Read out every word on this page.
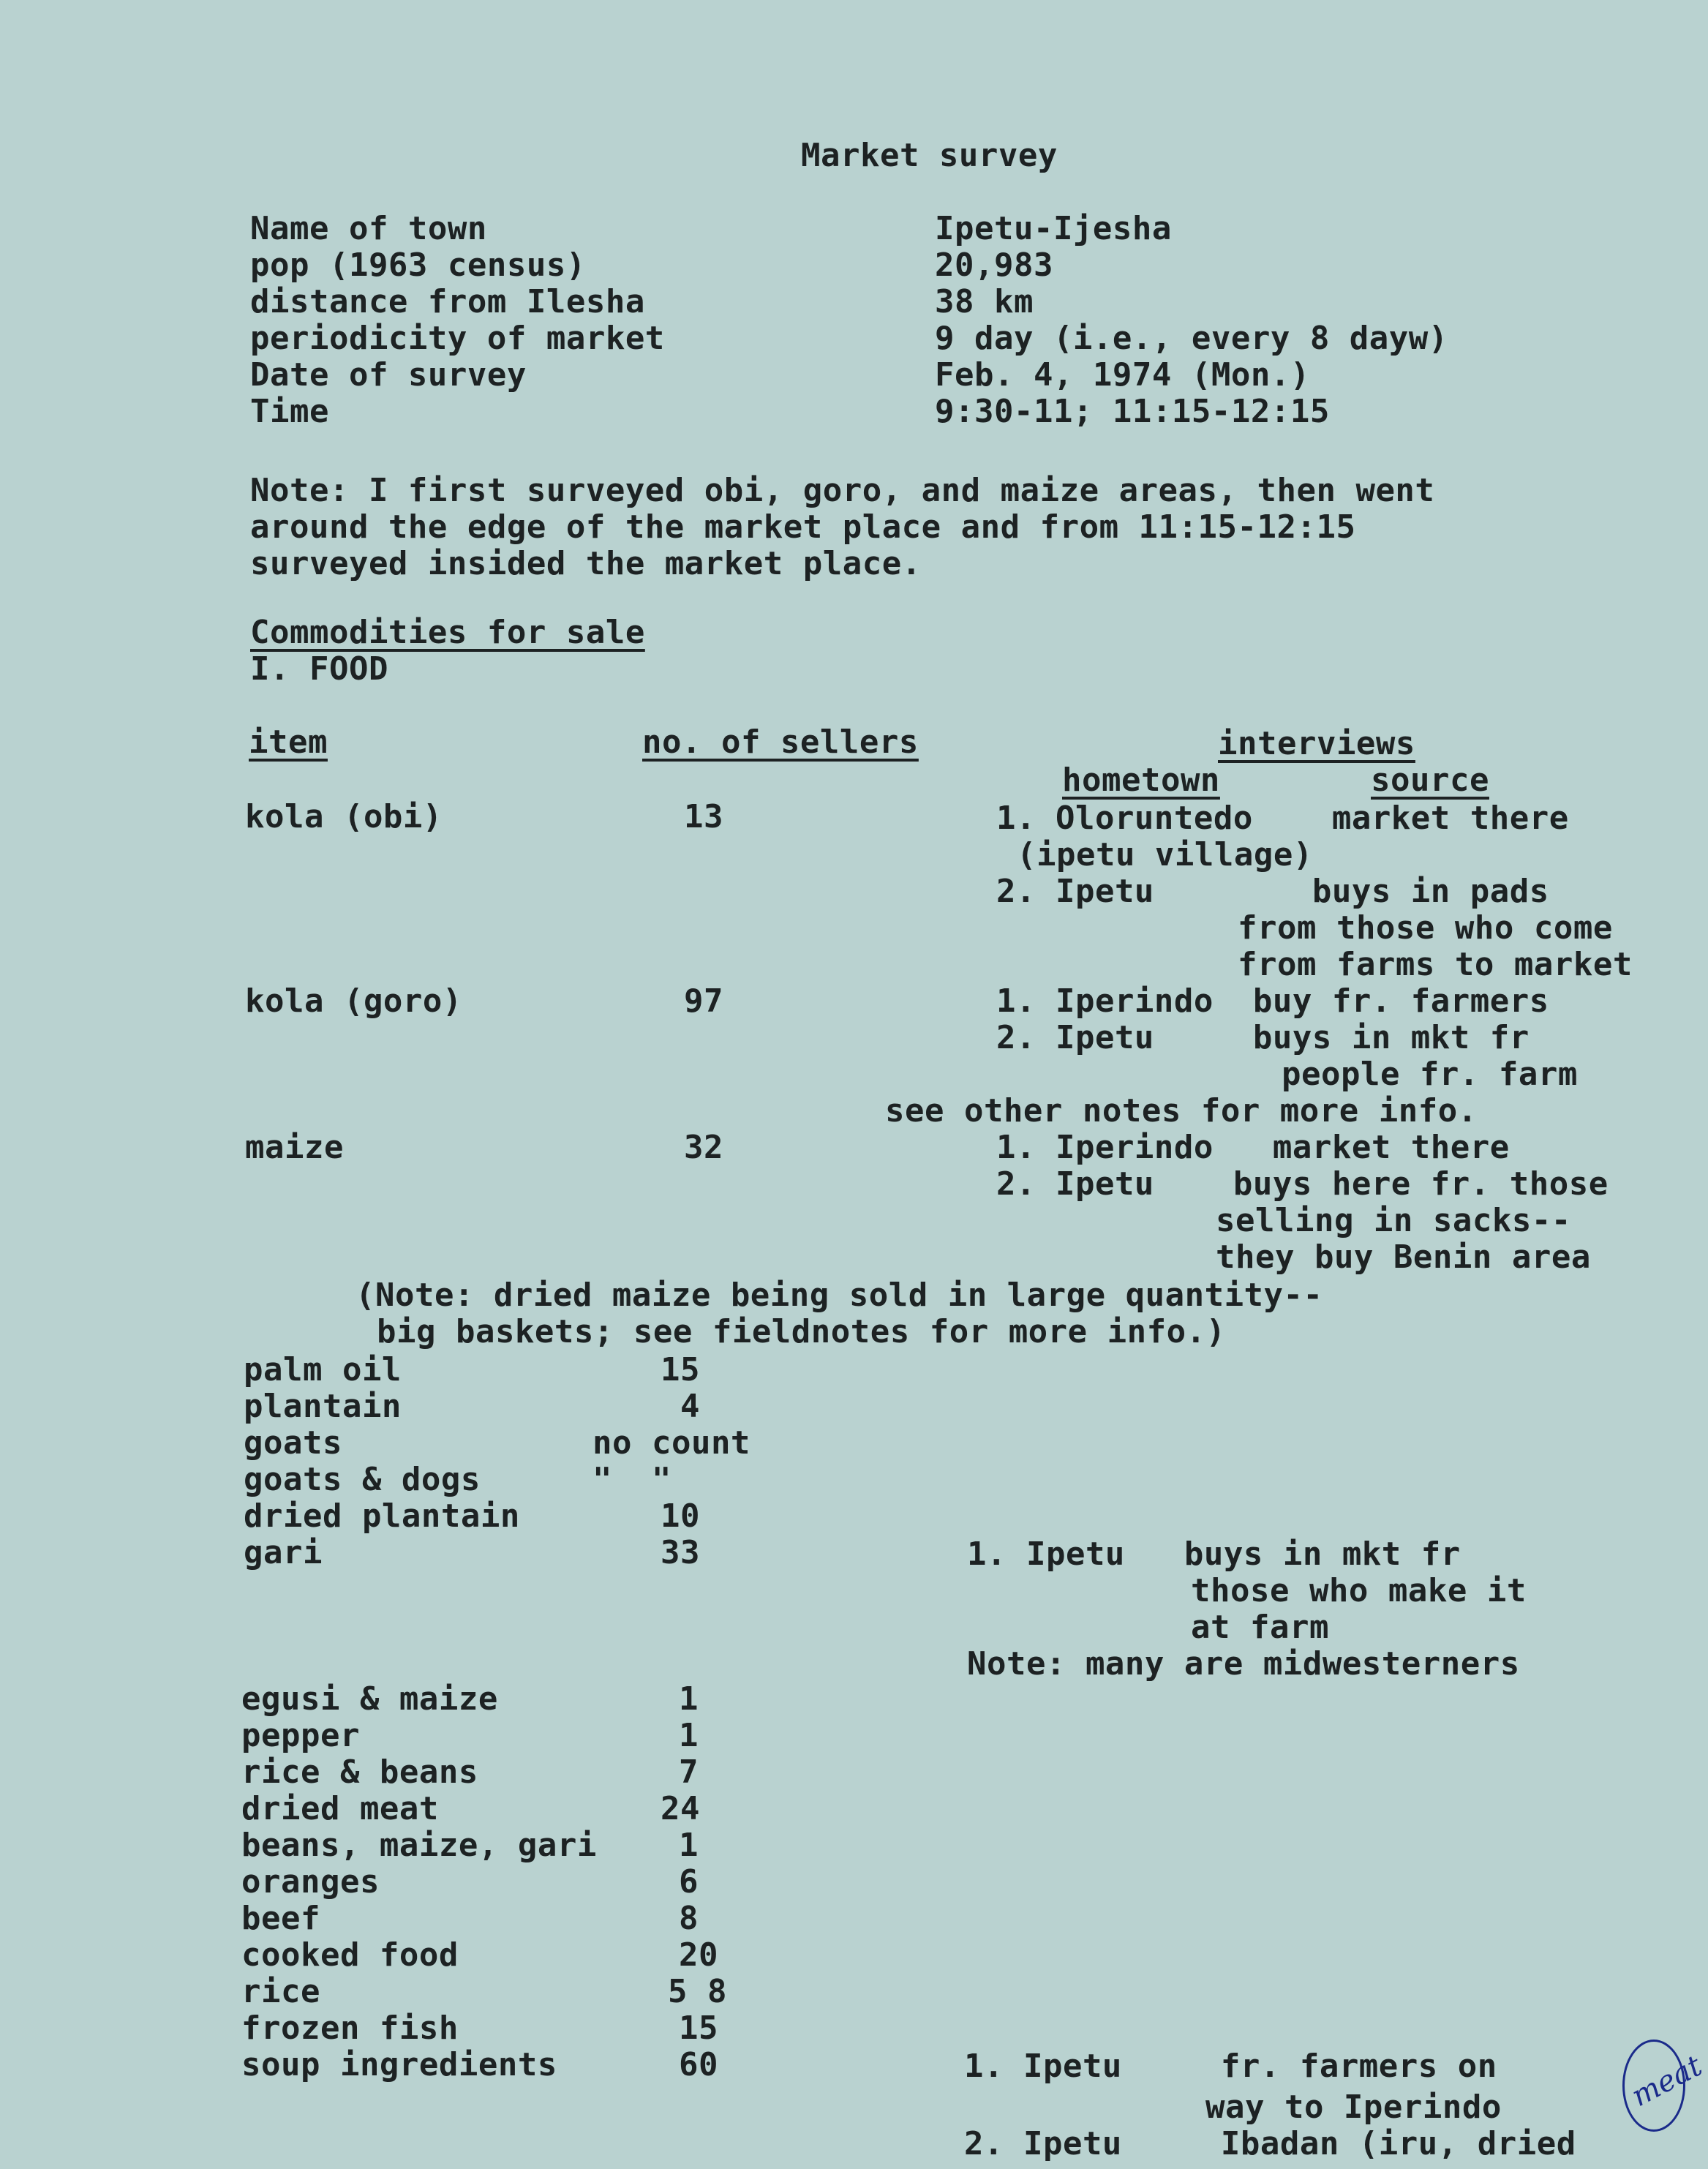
Market survey
Name of town	Ipetu-Ijesha
pop (1963 census)	20,983
distance from Ilesha	38 km
periodicity of market	9 day (i.e., every 8 dayw)
Date of survey	Feb. 4, 1974 (Mon.)
Time	9:30-11; 11:15-12:15
Note: I first surveyed obi, goro, and maize areas, then went
around the edge of the market place and from 11:15-12:15
surveyed insided the market place.
Commodities for sale
I. FOOD
item	no. of sellers	interviews
hometown	source
kola (obi)	13	1. Oloruntedo    market there
(ipetu village)
2. Ipetu        buys in pads
from those who come
from farms to market
kola (goro)	97	1. Iperindo  buy fr. farmers
2. Ipetu     buys in mkt fr
people fr. farm
see other notes for more info.
maize	32	1. Iperindo   market there
2. Ipetu    buys here fr. those
selling in sacks--
they buy Benin area
(Note: dried maize being sold in large quantity--
big baskets; see fieldnotes for more info.)
palm oil	15
plantain	4
goats	no count
goats & dogs	"  "
dried plantain	10
gari	33	1. Ipetu   buys in mkt fr
those who make it
at farm
Note: many are midwesterners
egusi & maize	1
pepper	1
rice & beans	7
dried meat	24
beans, maize, gari	1
oranges	6
beef	8
cooked food	20
rice	5 8
frozen fish	15
soup ingredients	60	1. Ipetu     fr. farmers on
way to Iperindo
2. Ipetu     Ibadan (iru, dried
meat
